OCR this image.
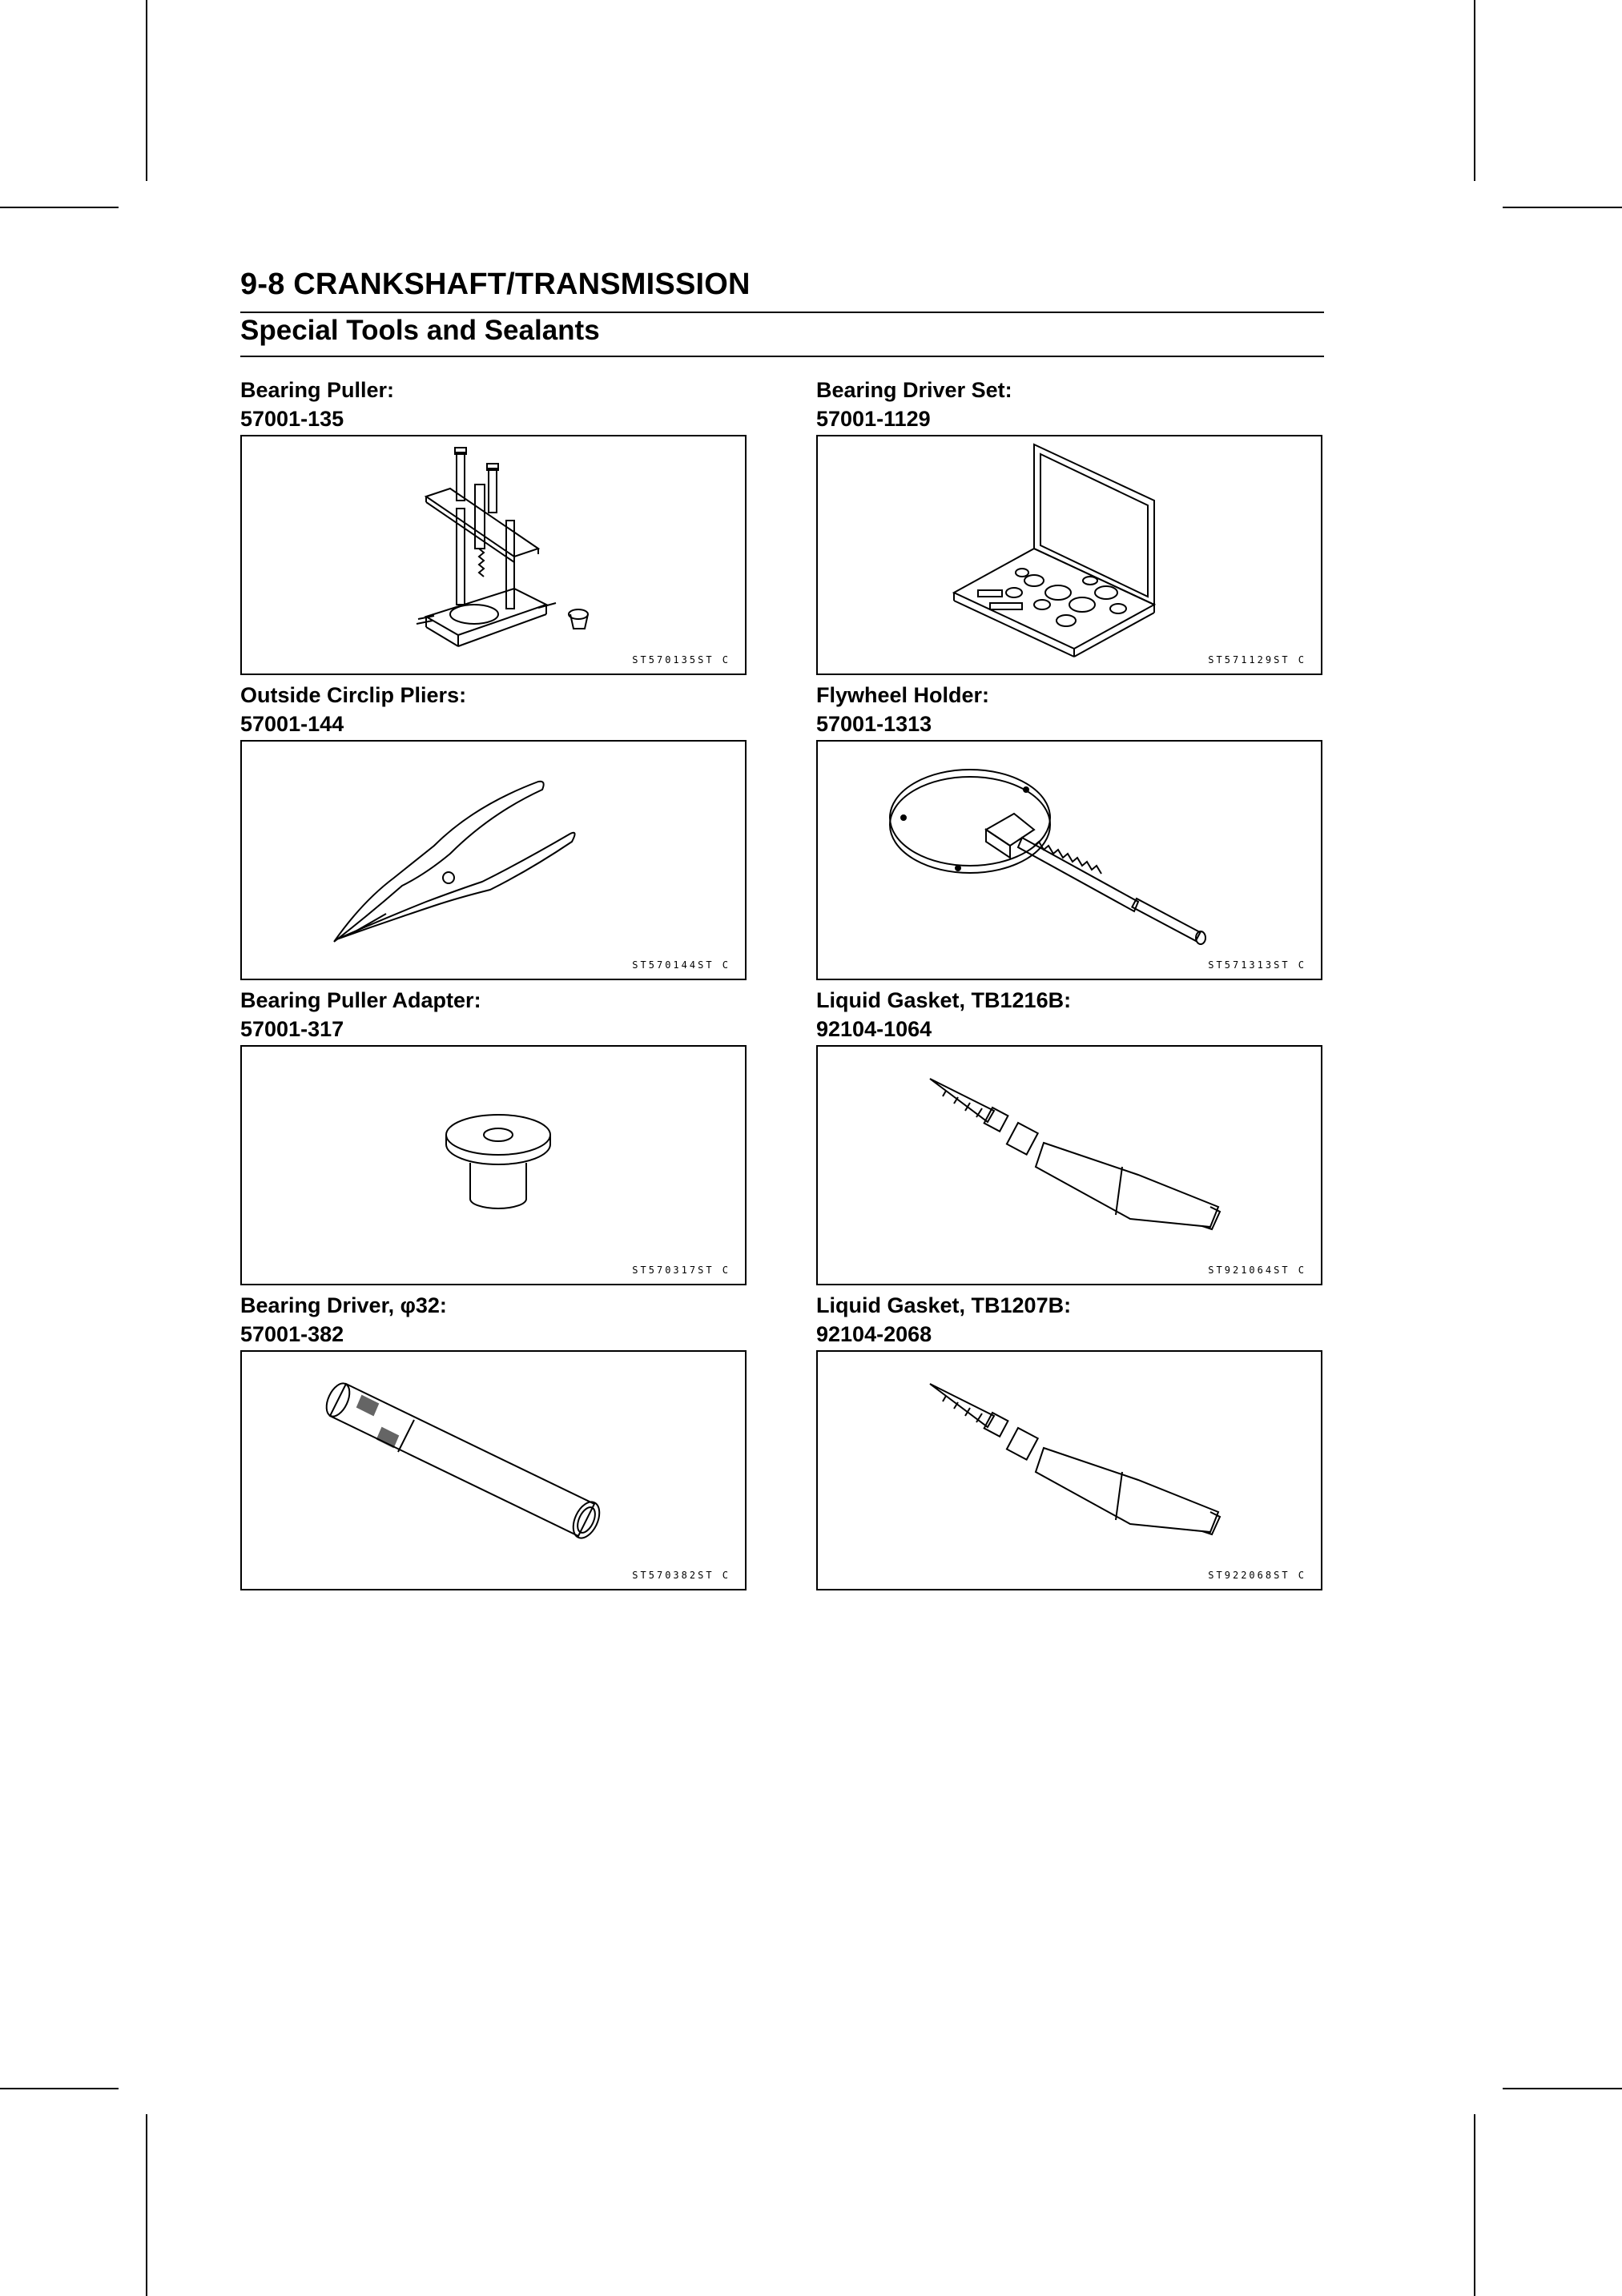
9-8 CRANKSHAFT/TRANSMISSION
Special Tools and Sealants
Bearing Puller:
57001-135
ST570135ST C
Bearing Driver Set:
57001-1129
ST571129ST C
Outside Circlip Pliers:
57001-144
ST570144ST C
Flywheel Holder:
57001-1313
ST571313ST C
Bearing Puller Adapter:
57001-317
ST570317ST C
Liquid Gasket, TB1216B:
92104-1064
ST921064ST C
Bearing Driver, φ32:
57001-382
ST570382ST C
Liquid Gasket, TB1207B:
92104-2068
ST922068ST C
